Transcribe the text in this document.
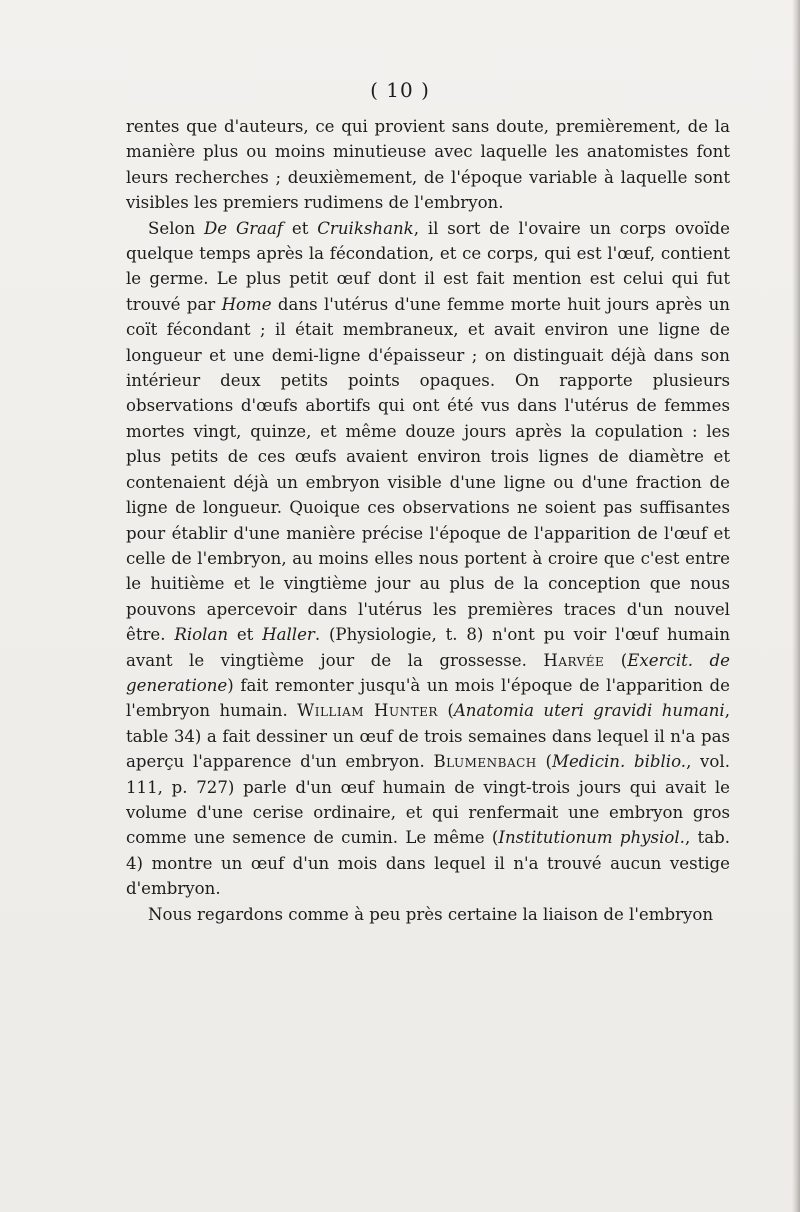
( 10 )

rentes que d'auteurs, ce qui provient sans doute, premièrement, de la manière plus ou moins minutieuse avec laquelle les anatomistes font leurs recherches ; deuxièmement, de l'époque variable à laquelle sont visibles les premiers rudimens de l'embryon.

Selon De Graaf et Cruikshank, il sort de l'ovaire un corps ovoïde quelque temps après la fécondation, et ce corps, qui est l'œuf, contient le germe. Le plus petit œuf dont il est fait mention est celui qui fut trouvé par Home dans l'utérus d'une femme morte huit jours après un coït fécondant ; il était membraneux, et avait environ une ligne de longueur et une demi-ligne d'épaisseur ; on distinguait déjà dans son intérieur deux petits points opaques. On rapporte plusieurs observations d'œufs abortifs qui ont été vus dans l'utérus de femmes mortes vingt, quinze, et même douze jours après la copulation : les plus petits de ces œufs avaient environ trois lignes de diamètre et contenaient déjà un embryon visible d'une ligne ou d'une fraction de ligne de longueur. Quoique ces observations ne soient pas suffisantes pour établir d'une manière précise l'époque de l'apparition de l'œuf et celle de l'embryon, au moins elles nous portent à croire que c'est entre le huitième et le vingtième jour au plus de la conception que nous pouvons apercevoir dans l'utérus les premières traces d'un nouvel être. Riolan et Haller. (Physiologie, t. 8) n'ont pu voir l'œuf humain avant le vingtième jour de la grossesse. Harvée (Exercit. de generatione) fait remonter jusqu'à un mois l'époque de l'apparition de l'embryon humain. William Hunter (Anatomia uteri gravidi humani, table 34) a fait dessiner un œuf de trois semaines dans lequel il n'a pas aperçu l'apparence d'un embryon. Blumenbach (Medicin. biblio., vol. 111, p. 727) parle d'un œuf humain de vingt-trois jours qui avait le volume d'une cerise ordinaire, et qui renfermait une embryon gros comme une semence de cumin. Le même (Institutionum physiol., tab. 4) montre un œuf d'un mois dans lequel il n'a trouvé aucun vestige d'embryon.

Nous regardons comme à peu près certaine la liaison de l'embryon
